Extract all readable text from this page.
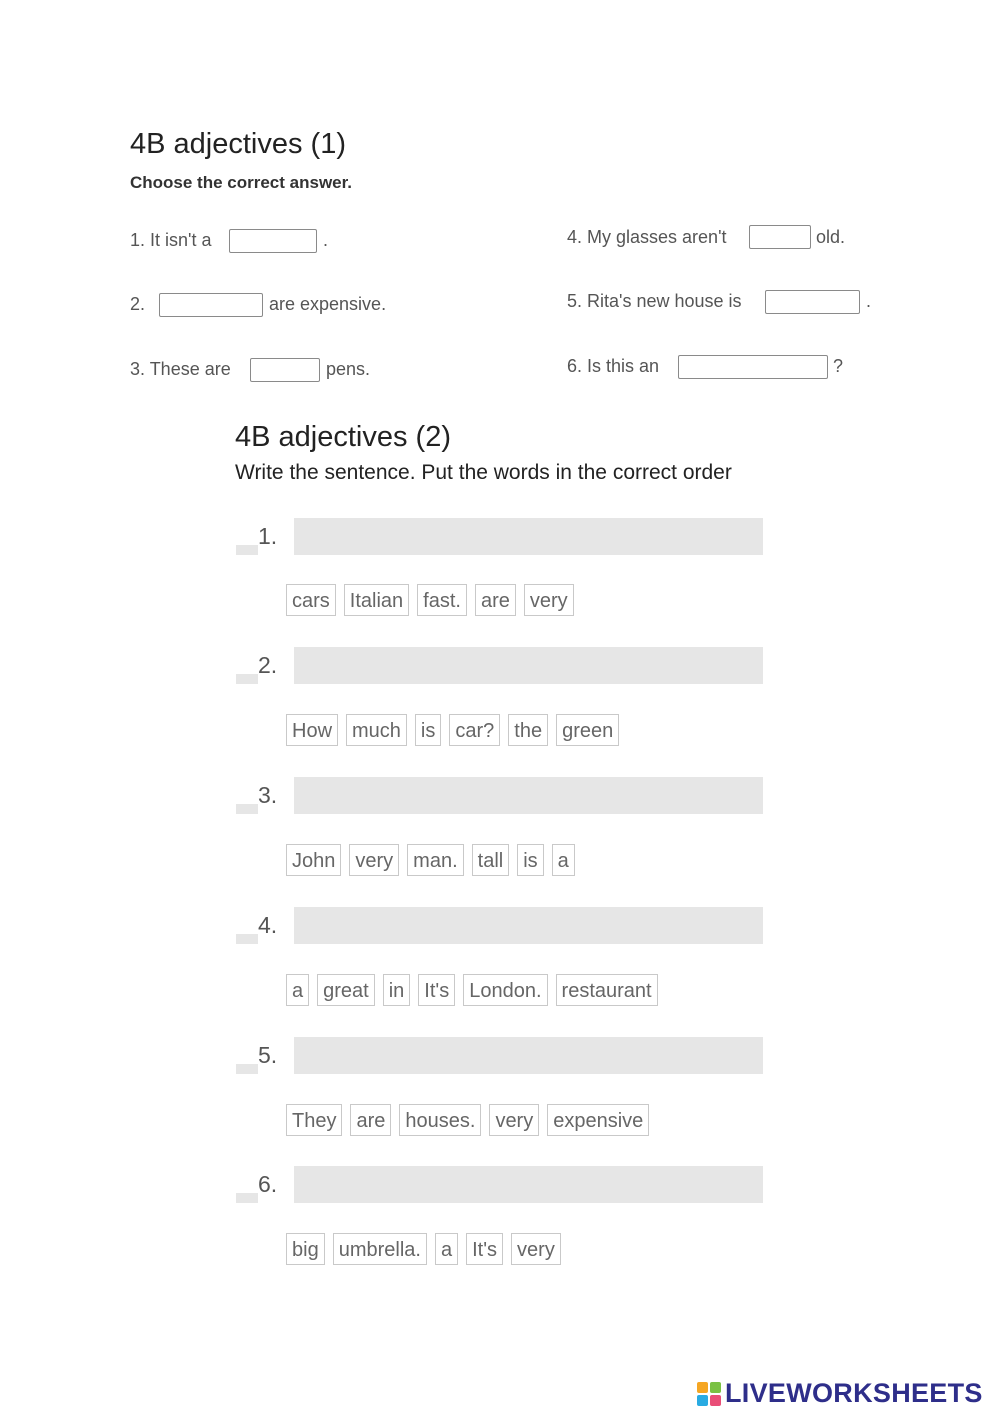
4B adjectives (1)
Choose the correct answer.
1. It isn't a	.
2.	are expensive.
3. These are	pens.
4. My glasses aren't	old.
5. Rita's new house is	.
6. Is this an	?
4B adjectives (2)
Write the sentence. Put the words in the correct order
1.
cars	Italian	fast.	are	very
2.
How	much	is	car?	the	green
3.
John	very	man.	tall	is	a
4.
a	great	in	It's	London.	restaurant
5.
They	are	houses.	very	expensive
6.
big	umbrella.	a	It's	very
LIVEWORKSHEETS
